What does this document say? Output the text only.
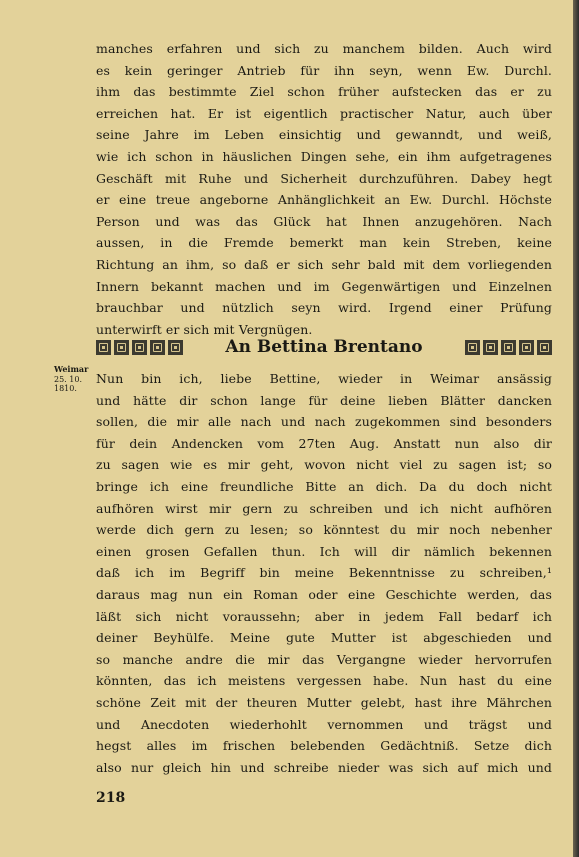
manches erfahren und sich zu manchem bilden. Auch wird
es kein geringer Antrieb für ihn seyn, wenn Ew. Durchl.
ihm das bestimmte Ziel schon früher aufstecken das er zu
erreichen hat. Er ist eigentlich practischer Natur, auch über
seine Jahre im Leben einsichtig und gewanndt, und weiß,
wie ich schon in häuslichen Dingen sehe, ein ihm aufgetragenes
Geschäft mit Ruhe und Sicherheit durchzuführen. Dabey hegt
er eine treue angeborne Anhänglichkeit an Ew. Durchl. Höchste
Person und was das Glück hat Ihnen anzugehören. Nach
aussen, in die Fremde bemerkt man kein Streben, keine
Richtung an ihm, so daß er sich sehr bald mit dem vorliegenden
Innern bekannt machen und im Gegenwärtigen und Einzelnen
brauchbar und nützlich seyn wird. Irgend einer Prüfung
unterwirft er sich mit Vergnügen.
An Bettina Brentano
Weimar
25. 10.
1810.
Nun bin ich, liebe Bettine, wieder in Weimar ansässig
und hätte dir schon lange für deine lieben Blätter dancken
sollen, die mir alle nach und nach zugekommen sind besonders
für dein Andencken vom 27ten Aug. Anstatt nun also dir
zu sagen wie es mir geht, wovon nicht viel zu sagen ist; so
bringe ich eine freundliche Bitte an dich. Da du doch nicht
aufhören wirst mir gern zu schreiben und ich nicht aufhören
werde dich gern zu lesen; so könntest du mir noch nebenher
einen grosen Gefallen thun. Ich will dir nämlich bekennen
daß ich im Begriff bin meine Bekenntnisse zu schreiben,¹
daraus mag nun ein Roman oder eine Geschichte werden, das
läßt sich nicht voraussehn; aber in jedem Fall bedarf ich
deiner Beyhülfe. Meine gute Mutter ist abgeschieden und
so manche andre die mir das Vergangne wieder hervorrufen
könnten, das ich meistens vergessen habe. Nun hast du eine
schöne Zeit mit der theuren Mutter gelebt, hast ihre Mährchen
und Anecdoten wiederhohlt vernommen und trägst und
hegst alles im frischen belebenden Gedächtniß. Setze dich
also nur gleich hin und schreibe nieder was sich auf mich und
218
